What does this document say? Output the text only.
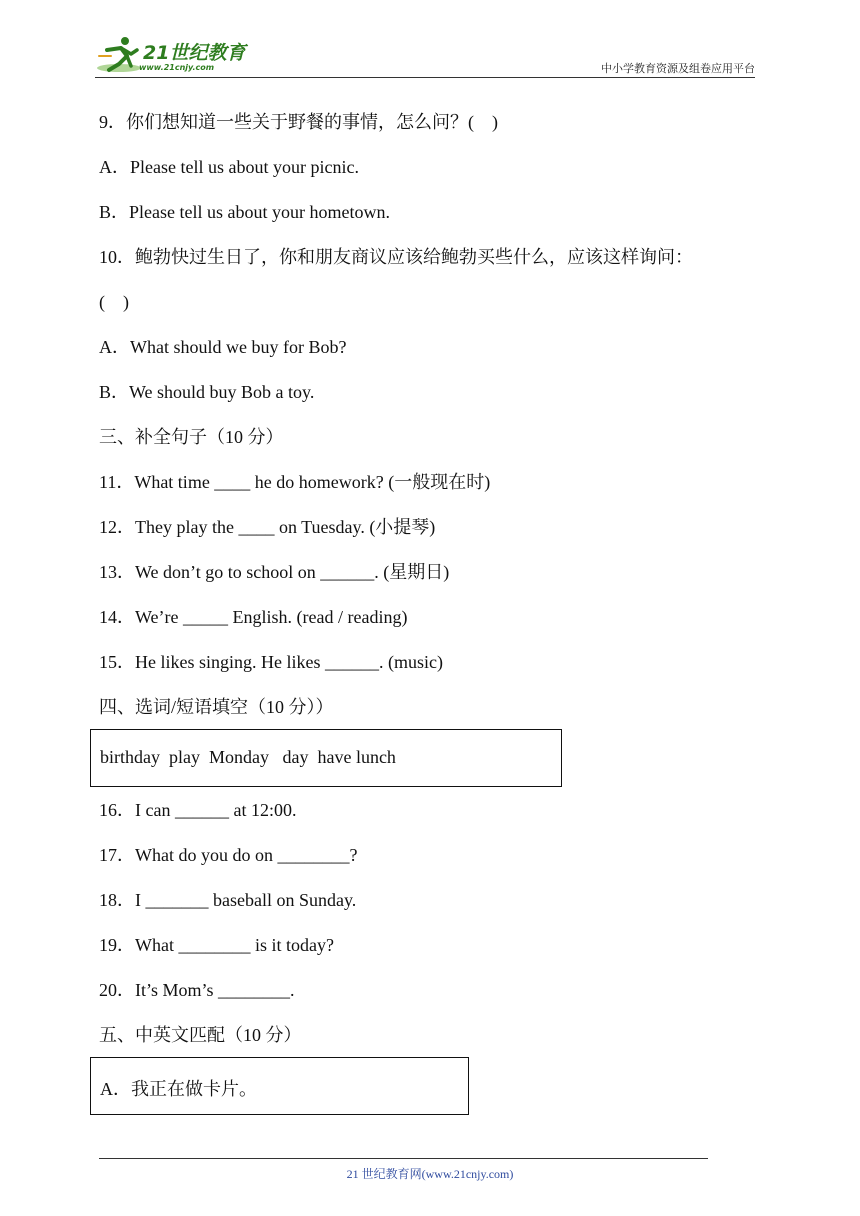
21世纪教育
www.21cnjy.com	中小学教育资源及组卷应用平台
9．你们想知道一些关于野餐的事情，怎么问？(　)
A．Please tell us about your picnic.
B．Please tell us about your hometown.
10．鲍勃快过生日了，你和朋友商议应该给鲍勃买些什么，应该这样询问：
(　)
A．What should we buy for Bob?
B．We should buy Bob a toy.
三、补全句子（10 分）
11．What time ____ he do homework? (一般现在时)
12．They play the ____ on Tuesday. (小提琴)
13．We don’t go to school on ______. (星期日)
14．We’re _____ English. (read / reading)
15．He likes singing. He likes ______. (music)
四、选词/短语填空（10 分））
birthday  play  Monday   day  have lunch
16．I can ______ at 12:00.
17．What do you do on ________?
18．I _______ baseball on Sunday.
19．What ________ is it today?
20．It’s Mom’s ________.
五、中英文匹配（10 分）
A．我正在做卡片。
21 世纪教育网(www.21cnjy.com)
